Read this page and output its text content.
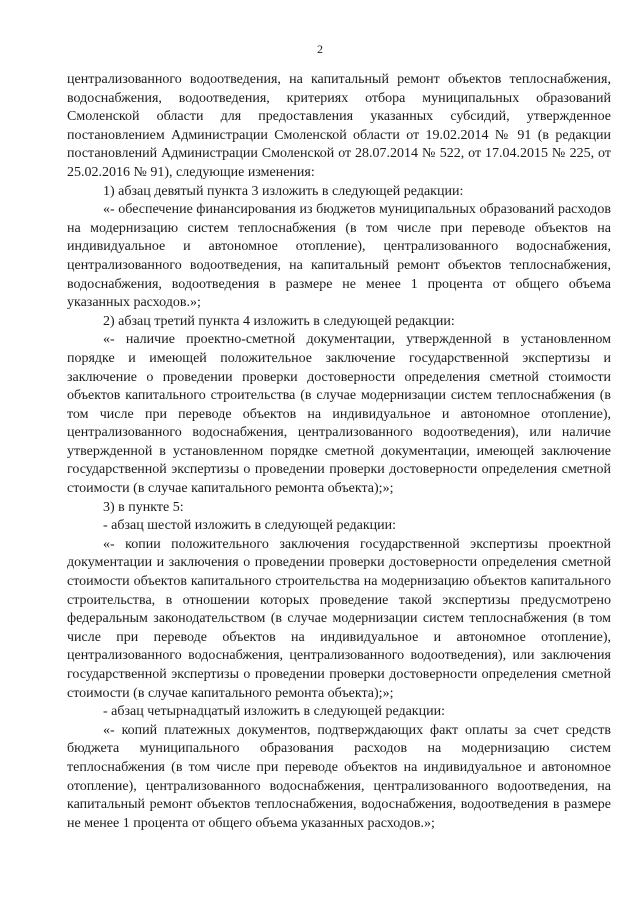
2

централизованного водоотведения, на капитальный ремонт объектов теплоснабжения, водоснабжения, водоотведения, критериях отбора муниципальных образований Смоленской области для предоставления указанных субсидий, утвержденное постановлением Администрации Смоленской области от 19.02.2014 № 91 (в редакции постановлений Администрации Смоленской от 28.07.2014 № 522, от 17.04.2015 № 225, от 25.02.2016 № 91), следующие изменения:

1) абзац девятый пункта 3 изложить в следующей редакции:

«- обеспечение финансирования из бюджетов муниципальных образований расходов на модернизацию систем теплоснабжения (в том числе при переводе объектов на индивидуальное и автономное отопление), централизованного водоснабжения, централизованного водоотведения, на капитальный ремонт объектов теплоснабжения, водоснабжения, водоотведения в размере не менее 1 процента от общего объема указанных расходов.»;

2) абзац третий пункта 4 изложить в следующей редакции:

«- наличие проектно-сметной документации, утвержденной в установленном порядке и имеющей положительное заключение государственной экспертизы и заключение о проведении проверки достоверности определения сметной стоимости объектов капитального строительства (в случае модернизации систем теплоснабжения (в том числе при переводе объектов на индивидуальное и автономное отопление), централизованного водоснабжения, централизованного водоотведения), или наличие утвержденной в установленном порядке сметной документации, имеющей заключение государственной экспертизы о проведении проверки достоверности определения сметной стоимости (в случае капитального ремонта объекта);»;

3) в пункте 5:

- абзац шестой изложить в следующей редакции:

«- копии положительного заключения государственной экспертизы проектной документации и заключения о проведении проверки достоверности определения сметной стоимости объектов капитального строительства на модернизацию объектов капитального строительства, в отношении которых проведение такой экспертизы предусмотрено федеральным законодательством (в случае модернизации систем теплоснабжения (в том числе при переводе объектов на индивидуальное и автономное отопление), централизованного водоснабжения, централизованного водоотведения), или заключения государственной экспертизы о проведении проверки достоверности определения сметной стоимости (в случае капитального ремонта объекта);»;

- абзац четырнадцатый изложить в следующей редакции:

«- копий платежных документов, подтверждающих факт оплаты за счет средств бюджета муниципального образования расходов на модернизацию систем теплоснабжения (в том числе при переводе объектов на индивидуальное и автономное отопление), централизованного водоснабжения, централизованного водоотведения, на капитальный ремонт объектов теплоснабжения, водоснабжения, водоотведения в размере не менее 1 процента от общего объема указанных расходов.»;
